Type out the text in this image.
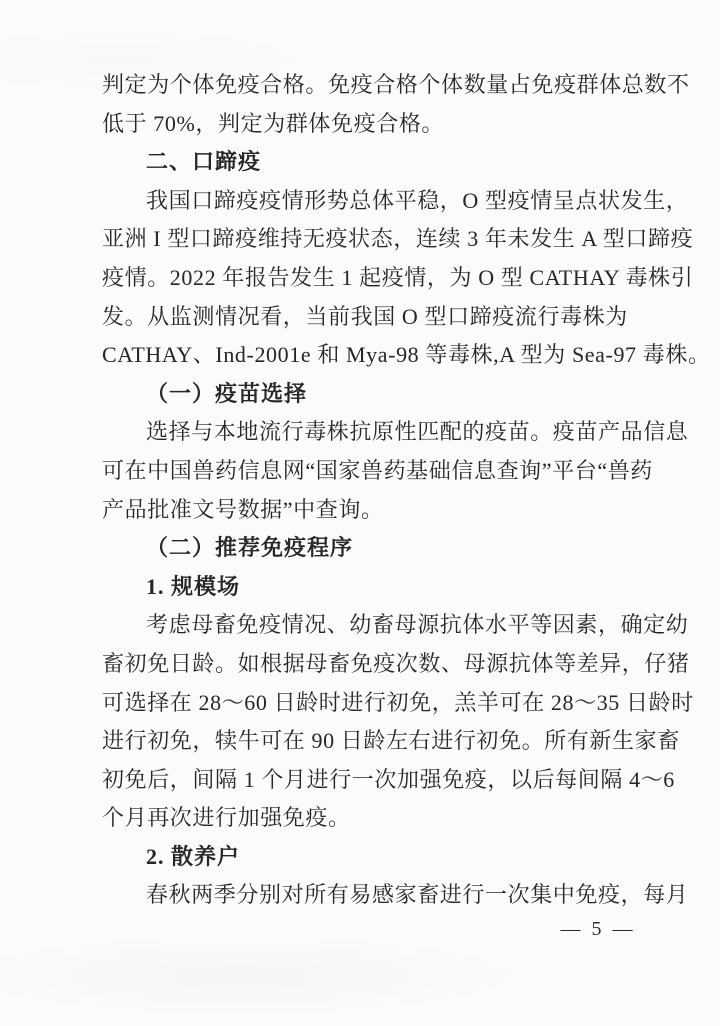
判定为个体免疫合格。免疫合格个体数量占免疫群体总数不
低于 70%，判定为群体免疫合格。
二、口蹄疫
我国口蹄疫疫情形势总体平稳，O 型疫情呈点状发生，
亚洲 I 型口蹄疫维持无疫状态，连续 3 年未发生 A 型口蹄疫
疫情。2022 年报告发生 1 起疫情，为 O 型 CATHAY 毒株引
发。从监测情况看，当前我国 O 型口蹄疫流行毒株为
CATHAY、Ind-2001e 和 Mya-98 等毒株,A 型为 Sea-97 毒株。
（一）疫苗选择
选择与本地流行毒株抗原性匹配的疫苗。疫苗产品信息
可在中国兽药信息网“国家兽药基础信息查询”平台“兽药
产品批准文号数据”中查询。
（二）推荐免疫程序
1. 规模场
考虑母畜免疫情况、幼畜母源抗体水平等因素，确定幼
畜初免日龄。如根据母畜免疫次数、母源抗体等差异，仔猪
可选择在 28～60 日龄时进行初免，羔羊可在 28～35 日龄时
进行初免，犊牛可在 90 日龄左右进行初免。所有新生家畜
初免后，间隔 1 个月进行一次加强免疫，以后每间隔 4～6
个月再次进行加强免疫。
2. 散养户
春秋两季分别对所有易感家畜进行一次集中免疫，每月
— 5 —
